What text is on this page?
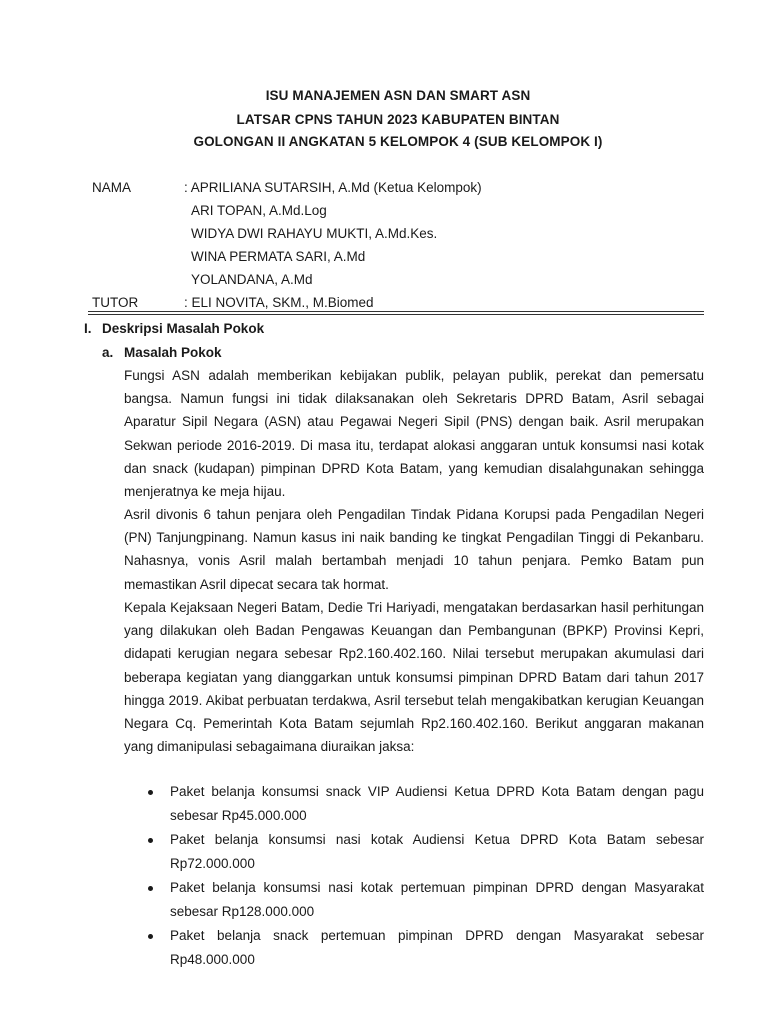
ISU MANAJEMEN ASN DAN SMART ASN
LATSAR CPNS TAHUN 2023 KABUPATEN BINTAN
GOLONGAN II ANGKATAN 5 KELOMPOK 4 (SUB KELOMPOK I)
NAMA	: APRILIANA SUTARSIH, A.Md (Ketua Kelompok)
ARI TOPAN, A.Md.Log
WIDYA DWI RAHAYU MUKTI, A.Md.Kes.
WINA PERMATA SARI, A.Md
YOLANDANA, A.Md
TUTOR	: ELI NOVITA, SKM., M.Biomed
I. Deskripsi Masalah Pokok
a. Masalah Pokok

Fungsi ASN adalah memberikan kebijakan publik, pelayan publik, perekat dan pemersatu bangsa. Namun fungsi ini tidak dilaksanakan oleh Sekretaris DPRD Batam, Asril sebagai Aparatur Sipil Negara (ASN) atau Pegawai Negeri Sipil (PNS) dengan baik. Asril merupakan Sekwan periode 2016-2019. Di masa itu, terdapat alokasi anggaran untuk konsumsi nasi kotak dan snack (kudapan) pimpinan DPRD Kota Batam, yang kemudian disalahgunakan sehingga menjeratnya ke meja hijau.

Asril divonis 6 tahun penjara oleh Pengadilan Tindak Pidana Korupsi pada Pengadilan Negeri (PN) Tanjungpinang. Namun kasus ini naik banding ke tingkat Pengadilan Tinggi di Pekanbaru. Nahasnya, vonis Asril malah bertambah menjadi 10 tahun penjara. Pemko Batam pun memastikan Asril dipecat secara tak hormat.

Kepala Kejaksaan Negeri Batam, Dedie Tri Hariyadi, mengatakan berdasarkan hasil perhitungan yang dilakukan oleh Badan Pengawas Keuangan dan Pembangunan (BPKP) Provinsi Kepri, didapati kerugian negara sebesar Rp2.160.402.160. Nilai tersebut merupakan akumulasi dari beberapa kegiatan yang dianggarkan untuk konsumsi pimpinan DPRD Batam dari tahun 2017 hingga 2019. Akibat perbuatan terdakwa, Asril tersebut telah mengakibatkan kerugian Keuangan Negara Cq. Pemerintah Kota Batam sejumlah Rp2.160.402.160. Berikut anggaran makanan yang dimanipulasi sebagaimana diuraikan jaksa:

Paket belanja konsumsi snack VIP Audiensi Ketua DPRD Kota Batam dengan pagu sebesar Rp45.000.000
Paket belanja konsumsi nasi kotak Audiensi Ketua DPRD Kota Batam sebesar Rp72.000.000
Paket belanja konsumsi nasi kotak pertemuan pimpinan DPRD dengan Masyarakat sebesar Rp128.000.000
Paket belanja snack pertemuan pimpinan DPRD dengan Masyarakat sebesar Rp48.000.000
